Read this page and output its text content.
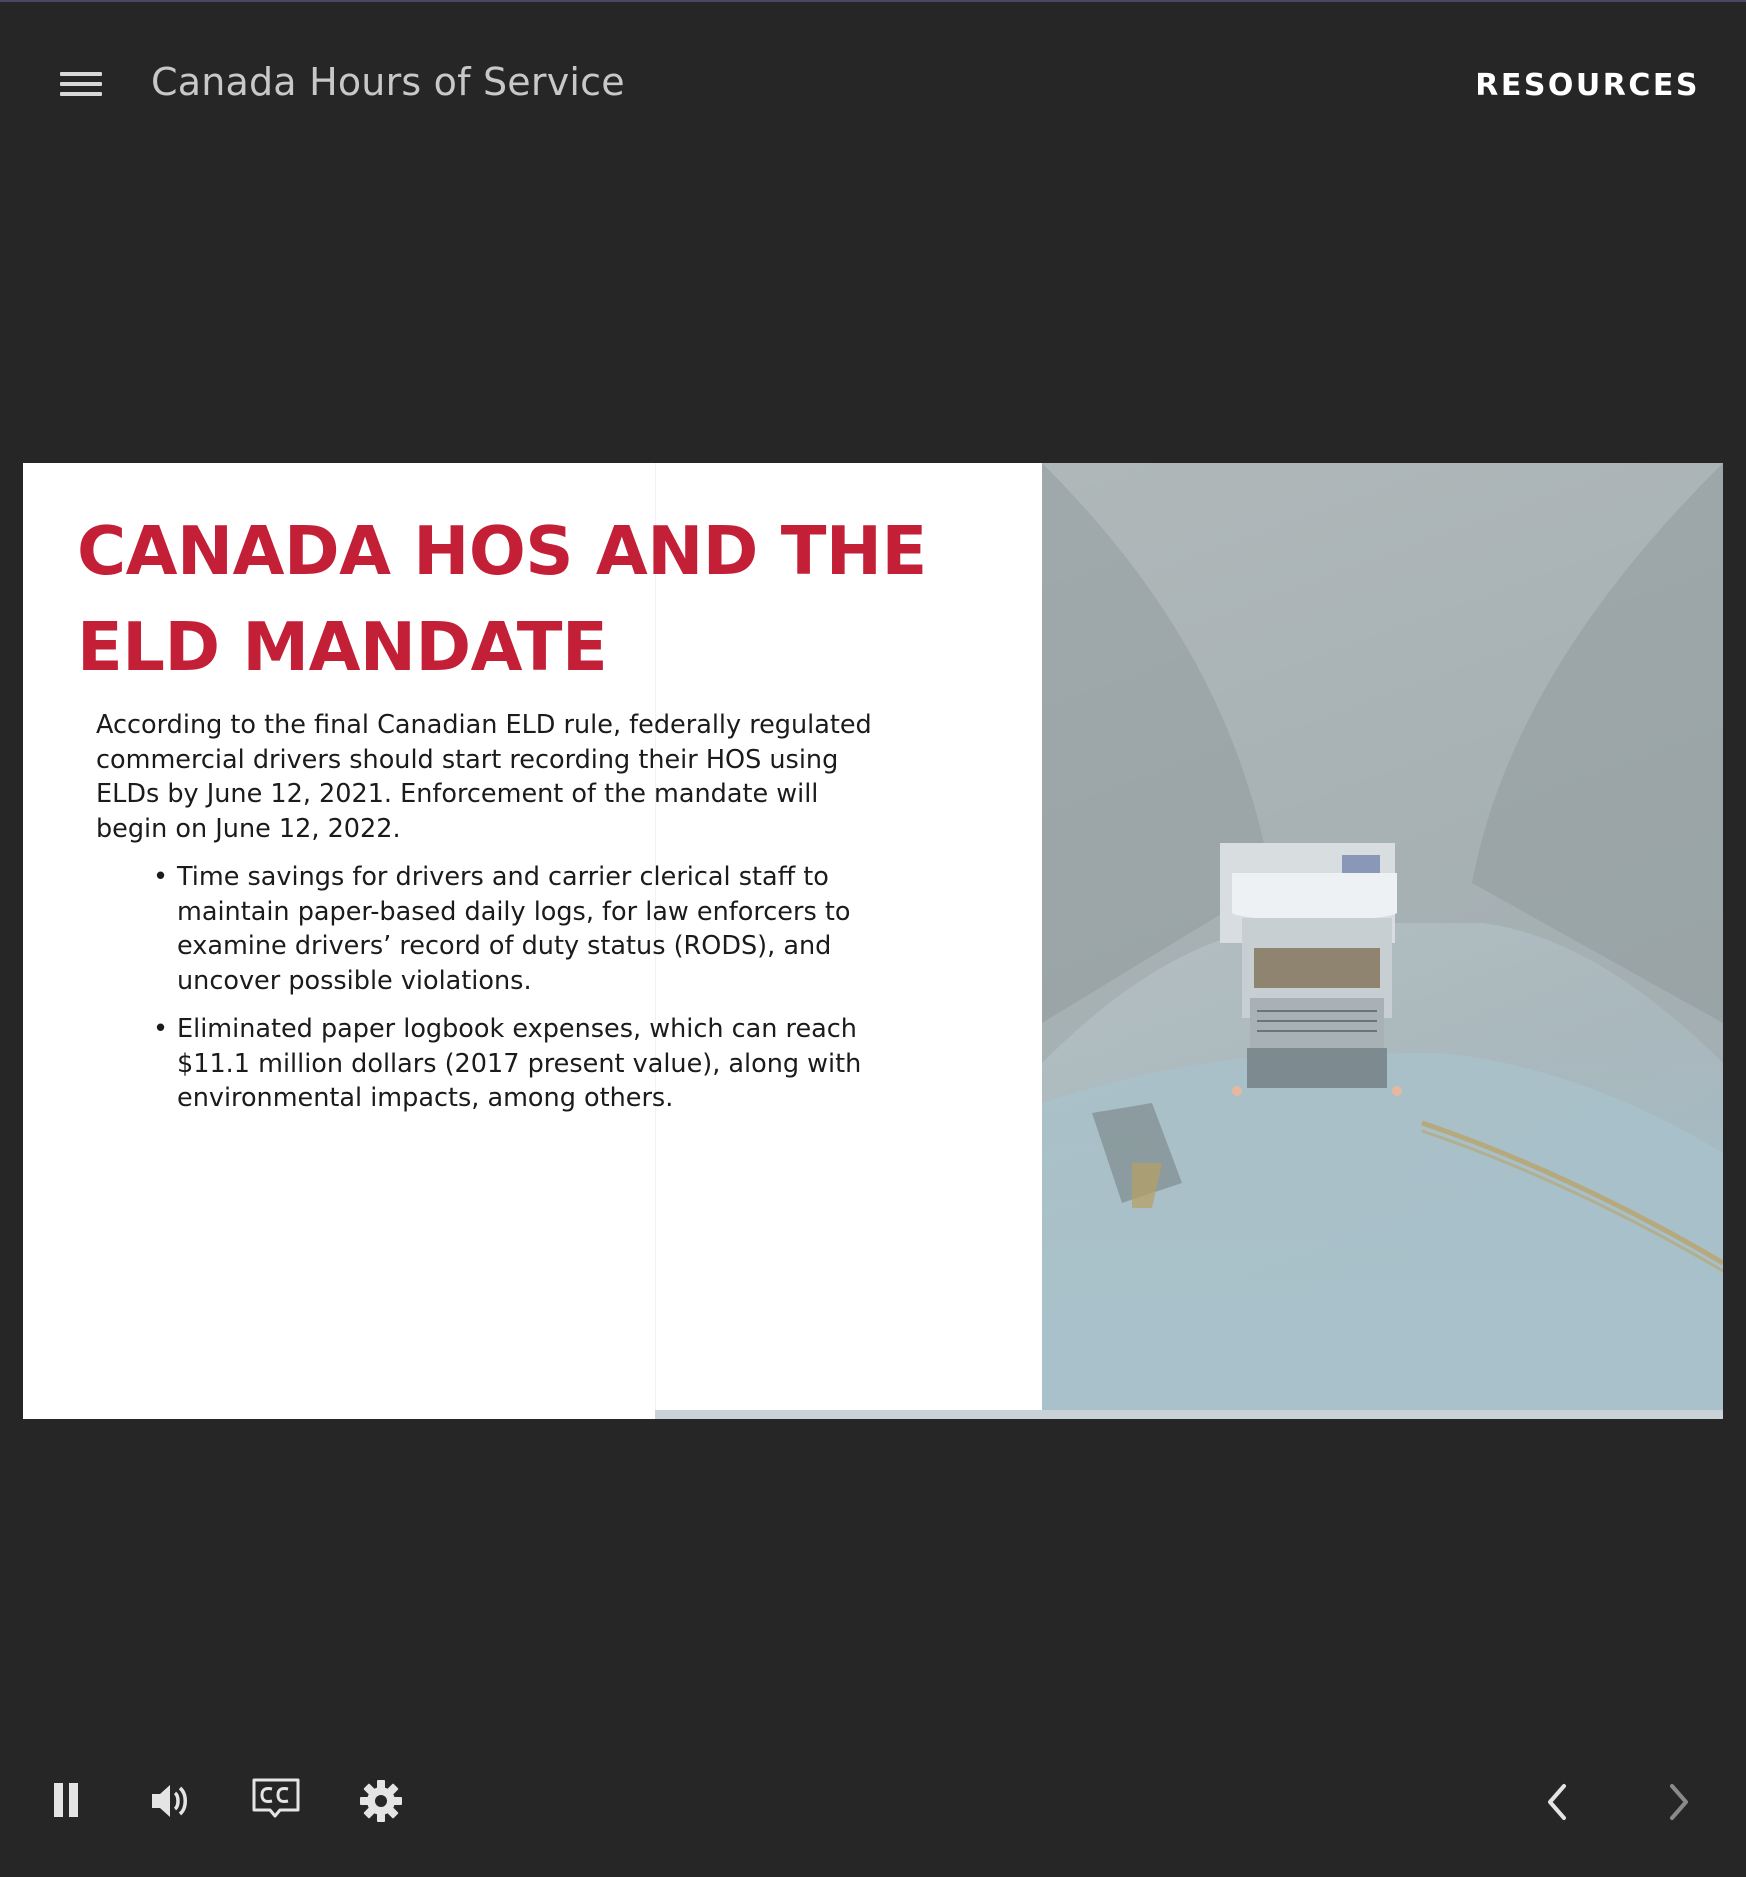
Canada Hours of Service	RESOURCES
CANADA HOS AND THE ELD MANDATE
According to the final Canadian ELD rule, federally regulated commercial drivers should start recording their HOS using ELDs by June 12, 2021. Enforcement of the mandate will begin on June 12, 2022.
• Time savings for drivers and carrier clerical staff to maintain paper-based daily logs, for law enforcers to examine drivers’ record of duty status (RODS), and uncover possible violations.
• Eliminated paper logbook expenses, which can reach $11.1 million dollars (2017 present value), along with environmental impacts, among others.
